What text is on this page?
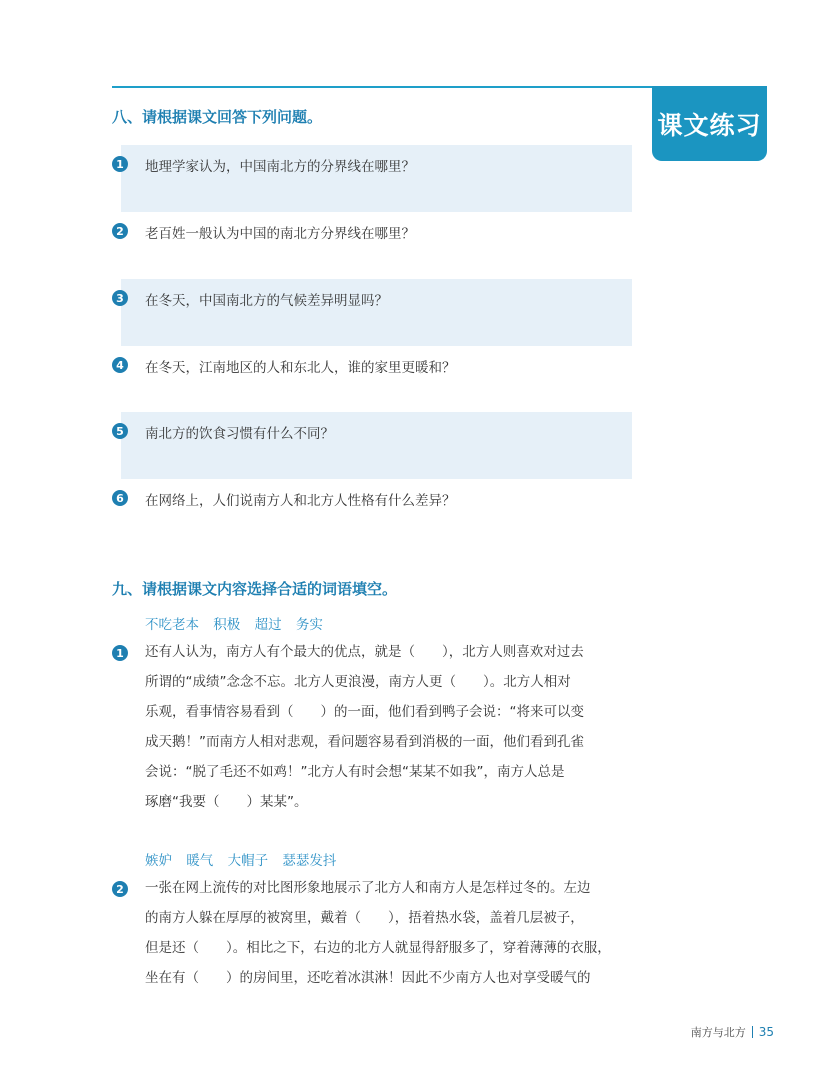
课文练习
八、请根据课文回答下列问题。
1	地理学家认为，中国南北方的分界线在哪里？
2	老百姓一般认为中国的南北方分界线在哪里？
3	在冬天，中国南北方的气候差异明显吗？
4	在冬天，江南地区的人和东北人，谁的家里更暖和？
5	南北方的饮食习惯有什么不同？
6	在网络上，人们说南方人和北方人性格有什么差异？
九、请根据课文内容选择合适的词语填空。
不吃老本 积极 超过 务实
1	还有人认为，南方人有个最大的优点，就是（　　），北方人则喜欢对过去
所谓的“成绩”念念不忘。北方人更浪漫，南方人更（　　）。北方人相对
乐观，看事情容易看到（　　）的一面，他们看到鸭子会说：“将来可以变
成天鹅！”而南方人相对悲观，看问题容易看到消极的一面，他们看到孔雀
会说：“脱了毛还不如鸡！”北方人有时会想“某某不如我”，南方人总是
琢磨“我要（　　）某某”。
嫉妒 暖气 大帽子 瑟瑟发抖
2	一张在网上流传的对比图形象地展示了北方人和南方人是怎样过冬的。左边
的南方人躲在厚厚的被窝里，戴着（　　），捂着热水袋，盖着几层被子，
但是还（　　）。相比之下，右边的北方人就显得舒服多了，穿着薄薄的衣服，
坐在有（　　）的房间里，还吃着冰淇淋！因此不少南方人也对享受暖气的
南方与北方 35
